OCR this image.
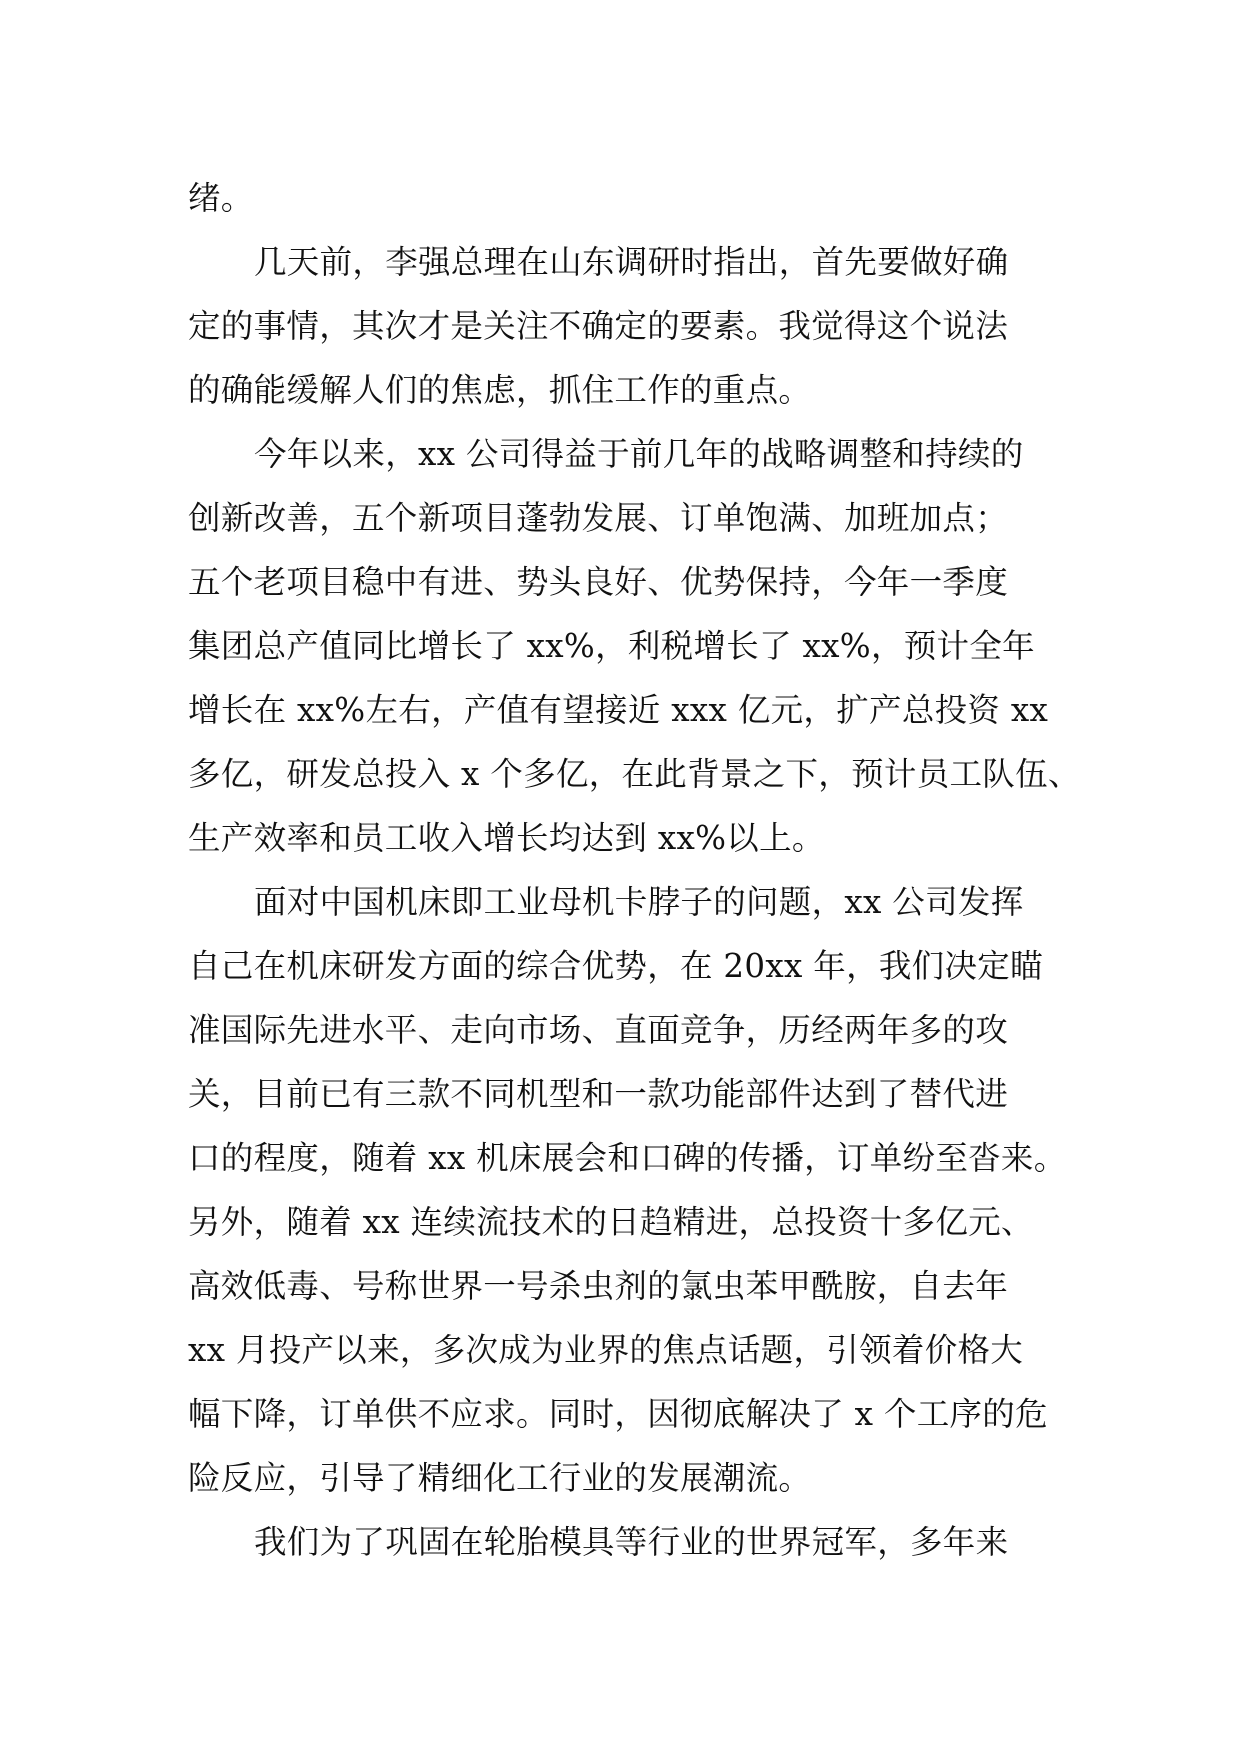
绪。
几天前，李强总理在山东调研时指出，首先要做好确
定的事情，其次才是关注不确定的要素。我觉得这个说法
的确能缓解人们的焦虑，抓住工作的重点。
今年以来，xx 公司得益于前几年的战略调整和持续的
创新改善，五个新项目蓬勃发展、订单饱满、加班加点；
五个老项目稳中有进、势头良好、优势保持，今年一季度
集团总产值同比增长了 xx%，利税增长了 xx%，预计全年
增长在 xx%左右，产值有望接近 xxx 亿元，扩产总投资 xx
多亿，研发总投入 x 个多亿，在此背景之下，预计员工队伍、
生产效率和员工收入增长均达到 xx%以上。
面对中国机床即工业母机卡脖子的问题，xx 公司发挥
自己在机床研发方面的综合优势，在 20xx 年，我们决定瞄
准国际先进水平、走向市场、直面竞争，历经两年多的攻
关，目前已有三款不同机型和一款功能部件达到了替代进
口的程度，随着 xx 机床展会和口碑的传播，订单纷至沓来。
另外，随着 xx 连续流技术的日趋精进，总投资十多亿元、
高效低毒、号称世界一号杀虫剂的氯虫苯甲酰胺，自去年
xx 月投产以来，多次成为业界的焦点话题，引领着价格大
幅下降，订单供不应求。同时，因彻底解决了 x 个工序的危
险反应，引导了精细化工行业的发展潮流。
我们为了巩固在轮胎模具等行业的世界冠军，多年来
